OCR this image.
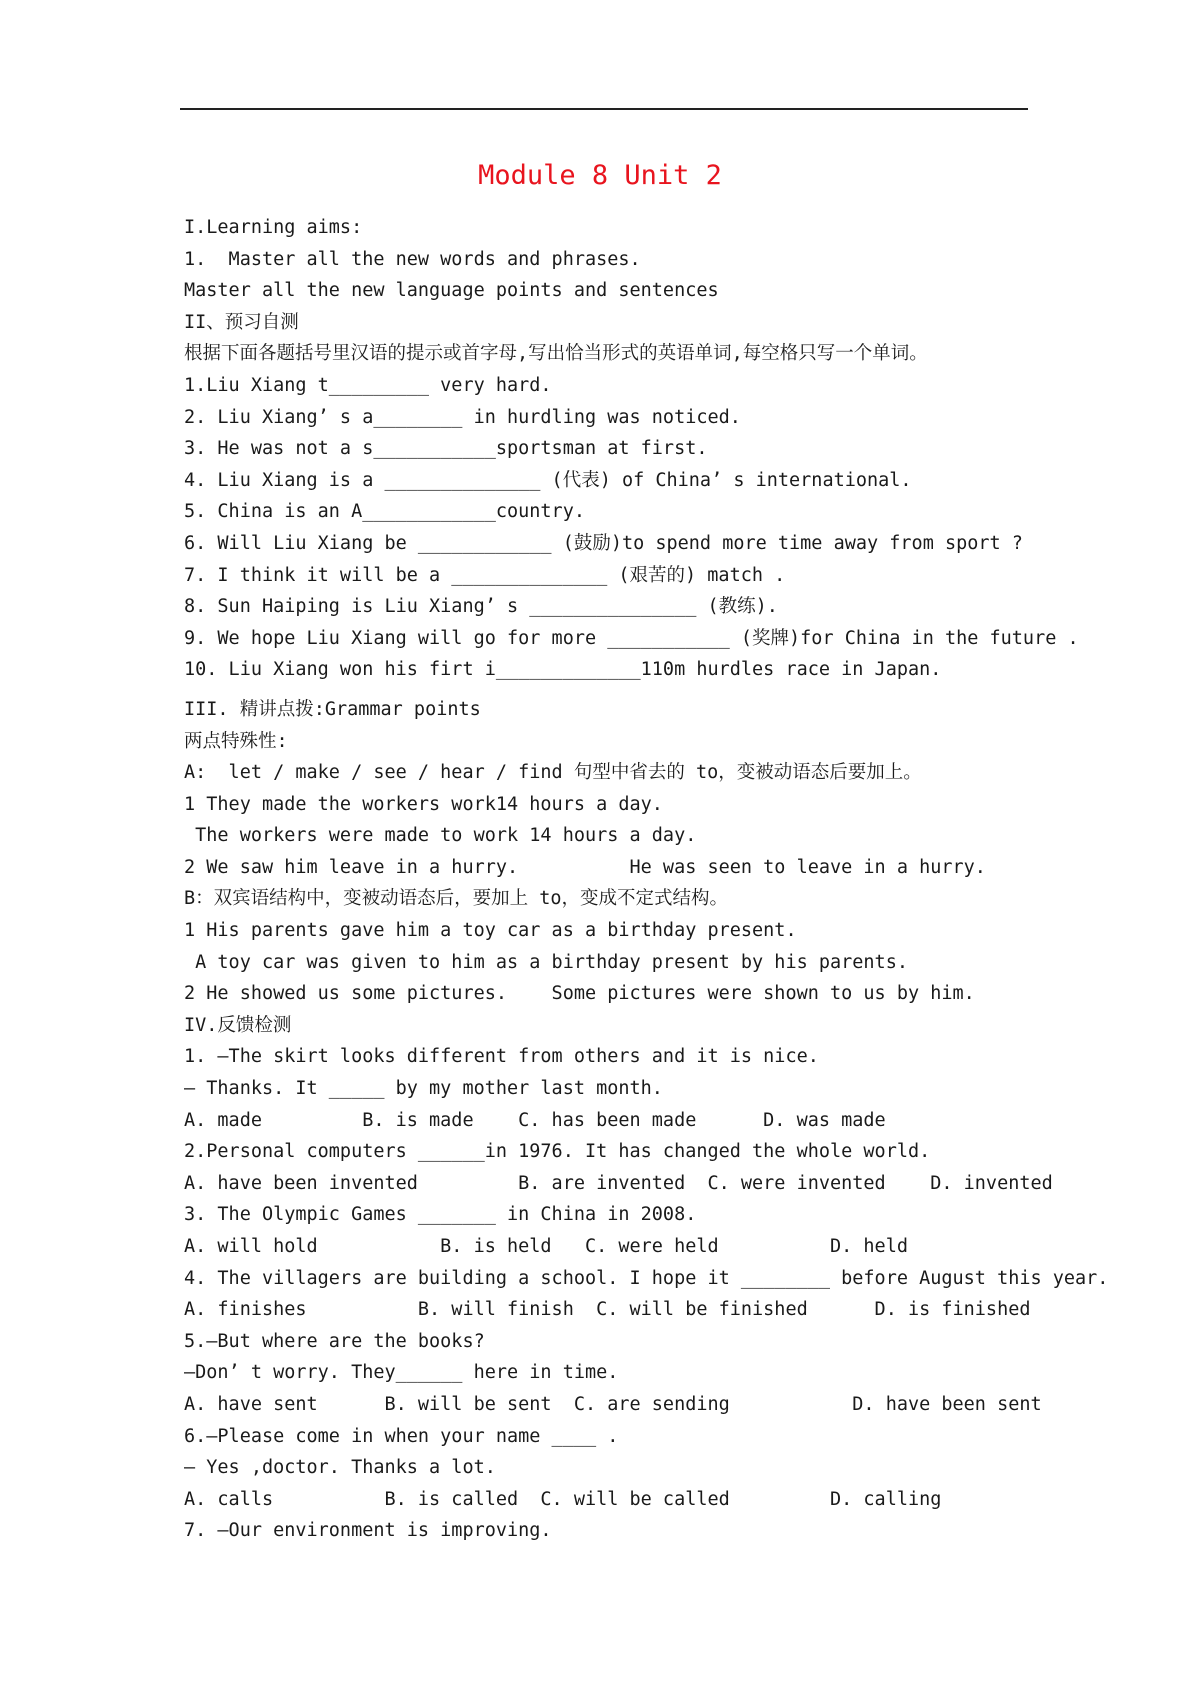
Module 8 Unit 2
I.Learning aims:
1.  Master all the new words and phrases.
Master all the new language points and sentences
II、预习自测
根据下面各题括号里汉语的提示或首字母,写出恰当形式的英语单词,每空格只写一个单词。
1.Liu Xiang t_________ very hard.
2. Liu Xiang’ s a________ in hurdling was noticed.
3. He was not a s___________sportsman at first.
4. Liu Xiang is a ______________ (代表) of China’ s international.
5. China is an A____________country.
6. Will Liu Xiang be ____________ (鼓励)to spend more time away from sport ?
7. I think it will be a ______________ (艰苦的) match .
8. Sun Haiping is Liu Xiang’ s _______________ (教练).
9. We hope Liu Xiang will go for more ___________ (奖牌)for China in the future .
10. Liu Xiang won his firt i_____________110m hurdles race in Japan.
III. 精讲点拨:Grammar points
两点特殊性:
A:  let / make / see / hear / find 句型中省去的 to，变被动语态后要加上。
1 They made the workers work14 hours a day.
The workers were made to work 14 hours a day.
2 We saw him leave in a hurry.          He was seen to leave in a hurry.
B：双宾语结构中，变被动语态后，要加上 to，变成不定式结构。
1 His parents gave him a toy car as a birthday present.
A toy car was given to him as a birthday present by his parents.
2 He showed us some pictures.    Some pictures were shown to us by him.
IV.反馈检测
1. —The skirt looks different from others and it is nice.
— Thanks. It _____ by my mother last month.
A. made         B. is made    C. has been made      D. was made
2.Personal computers ______in 1976. It has changed the whole world.
A. have been invented         B. are invented  C. were invented    D. invented
3. The Olympic Games _______ in China in 2008.
A. will hold           B. is held   C. were held          D. held
4. The villagers are building a school. I hope it ________ before August this year.
A. finishes          B. will finish  C. will be finished      D. is finished
5.—But where are the books?
—Don’ t worry. They______ here in time.
A. have sent      B. will be sent  C. are sending           D. have been sent
6.—Please come in when your name ____ .
— Yes ,doctor. Thanks a lot.
A. calls          B. is called  C. will be called         D. calling
7. —Our environment is improving.
